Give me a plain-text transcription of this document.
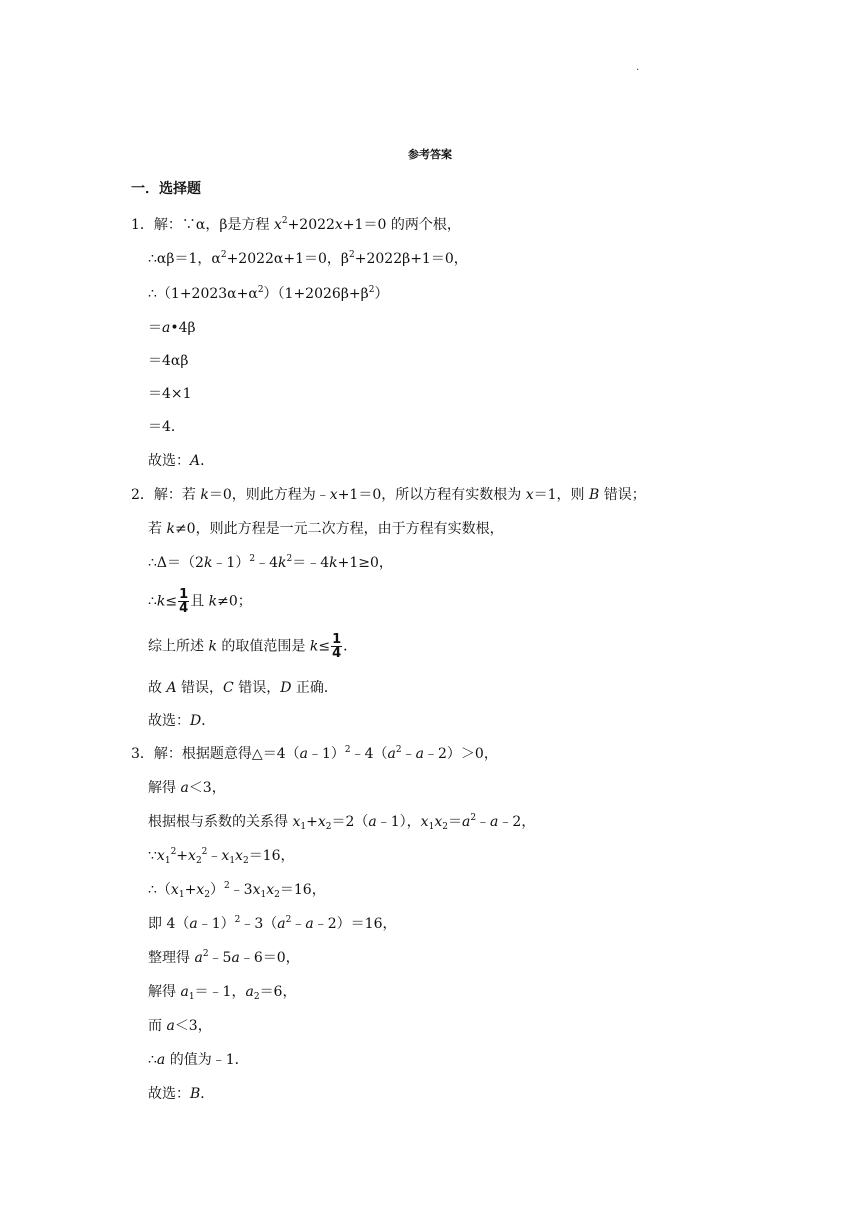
·
参考答案
一．选择题
1．解：∵α，β是方程 $x^2+2022x+1=0$ 的两个根，
∴αβ＝1，$\alpha^2+2022\alpha+1=0$，$\beta^2+2022\beta+1=0$，
$\therefore(1+2023\alpha+\alpha^2)(1+2026\beta+\beta^2)$
＝a•4β
＝4αβ
＝4×1
＝4．
故选：A．
2．解：若 k＝0，则此方程为﹣x+1＝0，所以方程有实数根为 x＝1，则 B 错误；
若 k≠0，则此方程是一元二次方程，由于方程有实数根，
$\therefore\Delta=(2k﹣1)^2﹣4k^2=﹣4k+1\ge 0$，
∴k≤ $\frac{1}{4}$ 且 k≠0；
综上所述 k 的取值范围是 $k\le \frac{1}{4}$ ．
故 A 错误，C 错误，D 正确．
故选：D．
3．解：根据题意得$\triangle=4(a﹣1)^2﹣4(a^2﹣a﹣2)>0$，
解得 a＜3，
根据根与系数的关系得 $x_1+x_2=2(a﹣1)$，$x_1x_2=a^2﹣a﹣2$，
$\because x_1^2+x_2^2﹣x_1x_2=16$，
$\therefore(x_1+x_2)^2﹣3x_1x_2=16$，
即 $4(a﹣1)^2﹣3(a^2﹣a﹣2)=16$，
整理得 $a^2﹣5a﹣6=0$，
解得 $a_1=﹣1$，$a_2=6$，
而 a＜3，
∴a 的值为﹣1．
故选：B．
